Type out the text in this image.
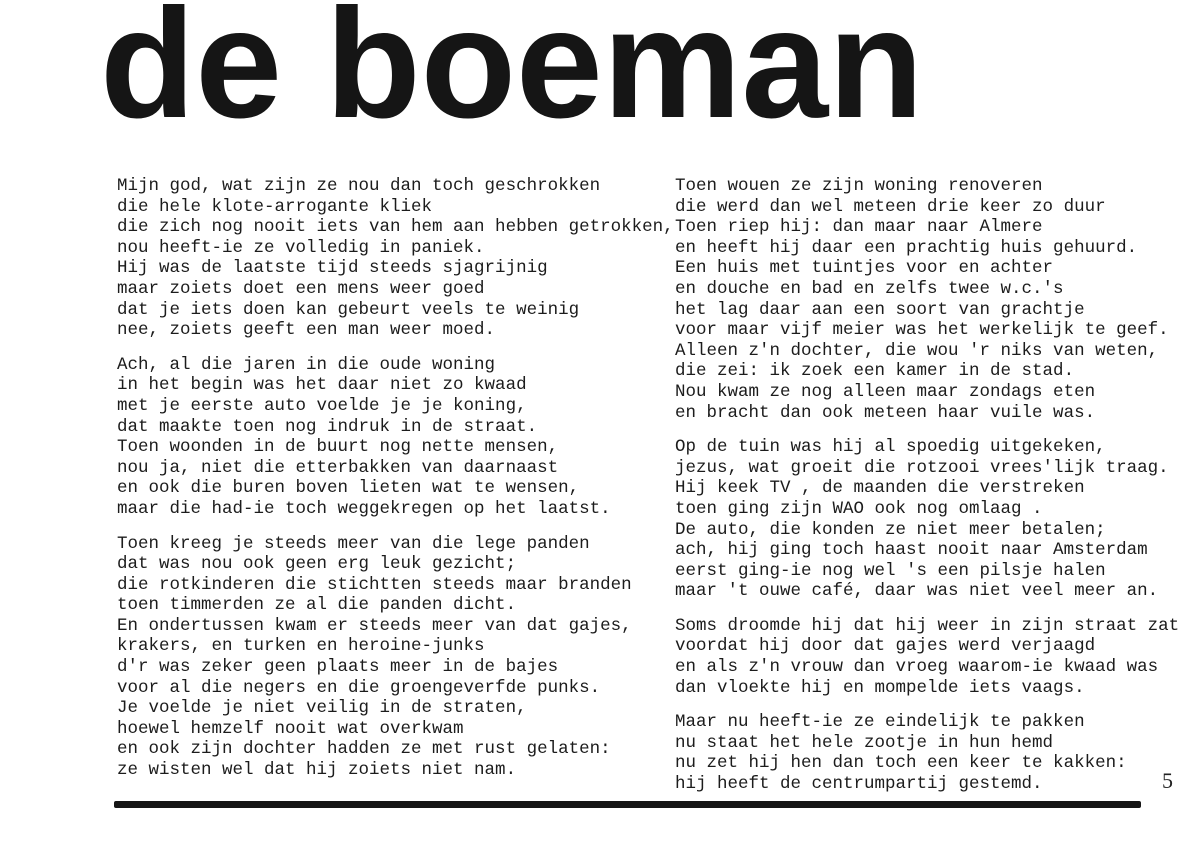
de boeman
Mijn god, wat zijn ze nou dan toch geschrokken
die hele klote-arrogante kliek
die zich nog nooit iets van hem aan hebben getrokken,
nou heeft-ie ze volledig in paniek.
Hij was de laatste tijd steeds sjagrijnig
maar zoiets doet een mens weer goed
dat je iets doen kan gebeurt veels te weinig
nee, zoiets geeft een man weer moed.
Ach, al die jaren in die oude woning
in het begin was het daar niet zo kwaad
met je eerste auto voelde je je koning,
dat maakte toen nog indruk in de straat.
Toen woonden in de buurt nog nette mensen,
nou ja, niet die etterbakken van daarnaast
en ook die buren boven lieten wat te wensen,
maar die had-ie toch weggekregen op het laatst.
Toen kreeg je steeds meer van die lege panden
dat was nou ook geen erg leuk gezicht;
die rotkinderen die stichtten steeds maar branden
toen timmerden ze al die panden dicht.
En ondertussen kwam er steeds meer van dat gajes,
krakers, en turken en heroine-junks
d'r was zeker geen plaats meer in de bajes
voor al die negers en die groengeverfde punks.
Je voelde je niet veilig in de straten,
hoewel hemzelf nooit wat overkwam
en ook zijn dochter hadden ze met rust gelaten:
ze wisten wel dat hij zoiets niet nam.
Toen wouen ze zijn woning renoveren
die werd dan wel meteen drie keer zo duur
Toen riep hij: dan maar naar Almere
en heeft hij daar een prachtig huis gehuurd.
Een huis met tuintjes voor en achter
en douche en bad en zelfs twee w.c.'s
het lag daar aan een soort van grachtje
voor maar vijf meier was het werkelijk te geef.
Alleen z'n dochter, die wou 'r niks van weten,
die zei: ik zoek een kamer in de stad.
Nou kwam ze nog alleen maar zondags eten
en bracht dan ook meteen haar vuile was.
Op de tuin was hij al spoedig uitgekeken,
jezus, wat groeit die rotzooi vrees'lijk traag.
Hij keek TV , de maanden die verstreken
toen ging zijn WAO ook nog omlaag .
De auto, die konden ze niet meer betalen;
ach, hij ging toch haast nooit naar Amsterdam
eerst ging-ie nog wel 's een pilsje halen
maar 't ouwe café, daar was niet veel meer an.
Soms droomde hij dat hij weer in zijn straat zat
voordat hij door dat gajes werd verjaagd
en als z'n vrouw dan vroeg waarom-ie kwaad was
dan vloekte hij en mompelde iets vaags.
Maar nu heeft-ie ze eindelijk te pakken
nu staat het hele zootje in hun hemd
nu zet hij hen dan toch een keer te kakken:
hij heeft de centrumpartij gestemd.	5
